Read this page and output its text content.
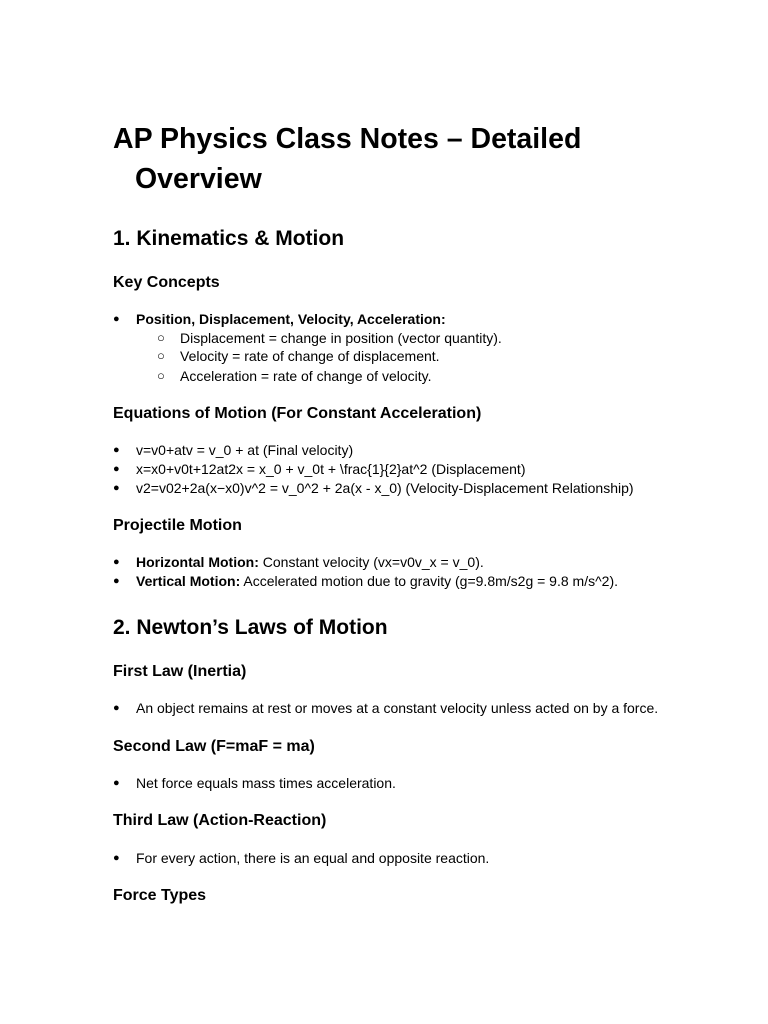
AP Physics Class Notes – Detailed Overview
1. Kinematics & Motion
Key Concepts
● Position, Displacement, Velocity, Acceleration:
○ Displacement = change in position (vector quantity).
○ Velocity = rate of change of displacement.
○ Acceleration = rate of change of velocity.
Equations of Motion (For Constant Acceleration)
● v=v0+atv = v_0 + at (Final velocity)
● x=x0+v0t+12at2x = x_0 + v_0t + \frac{1}{2}at^2 (Displacement)
● v2=v02+2a(x−x0)v^2 = v_0^2 + 2a(x - x_0) (Velocity-Displacement Relationship)
Projectile Motion
● Horizontal Motion: Constant velocity (vx=v0v_x = v_0).
● Vertical Motion: Accelerated motion due to gravity (g=9.8m/s2g = 9.8 m/s^2).
2. Newton’s Laws of Motion
First Law (Inertia)
● An object remains at rest or moves at a constant velocity unless acted on by a force.
Second Law (F=maF = ma)
● Net force equals mass times acceleration.
Third Law (Action-Reaction)
● For every action, there is an equal and opposite reaction.
Force Types
